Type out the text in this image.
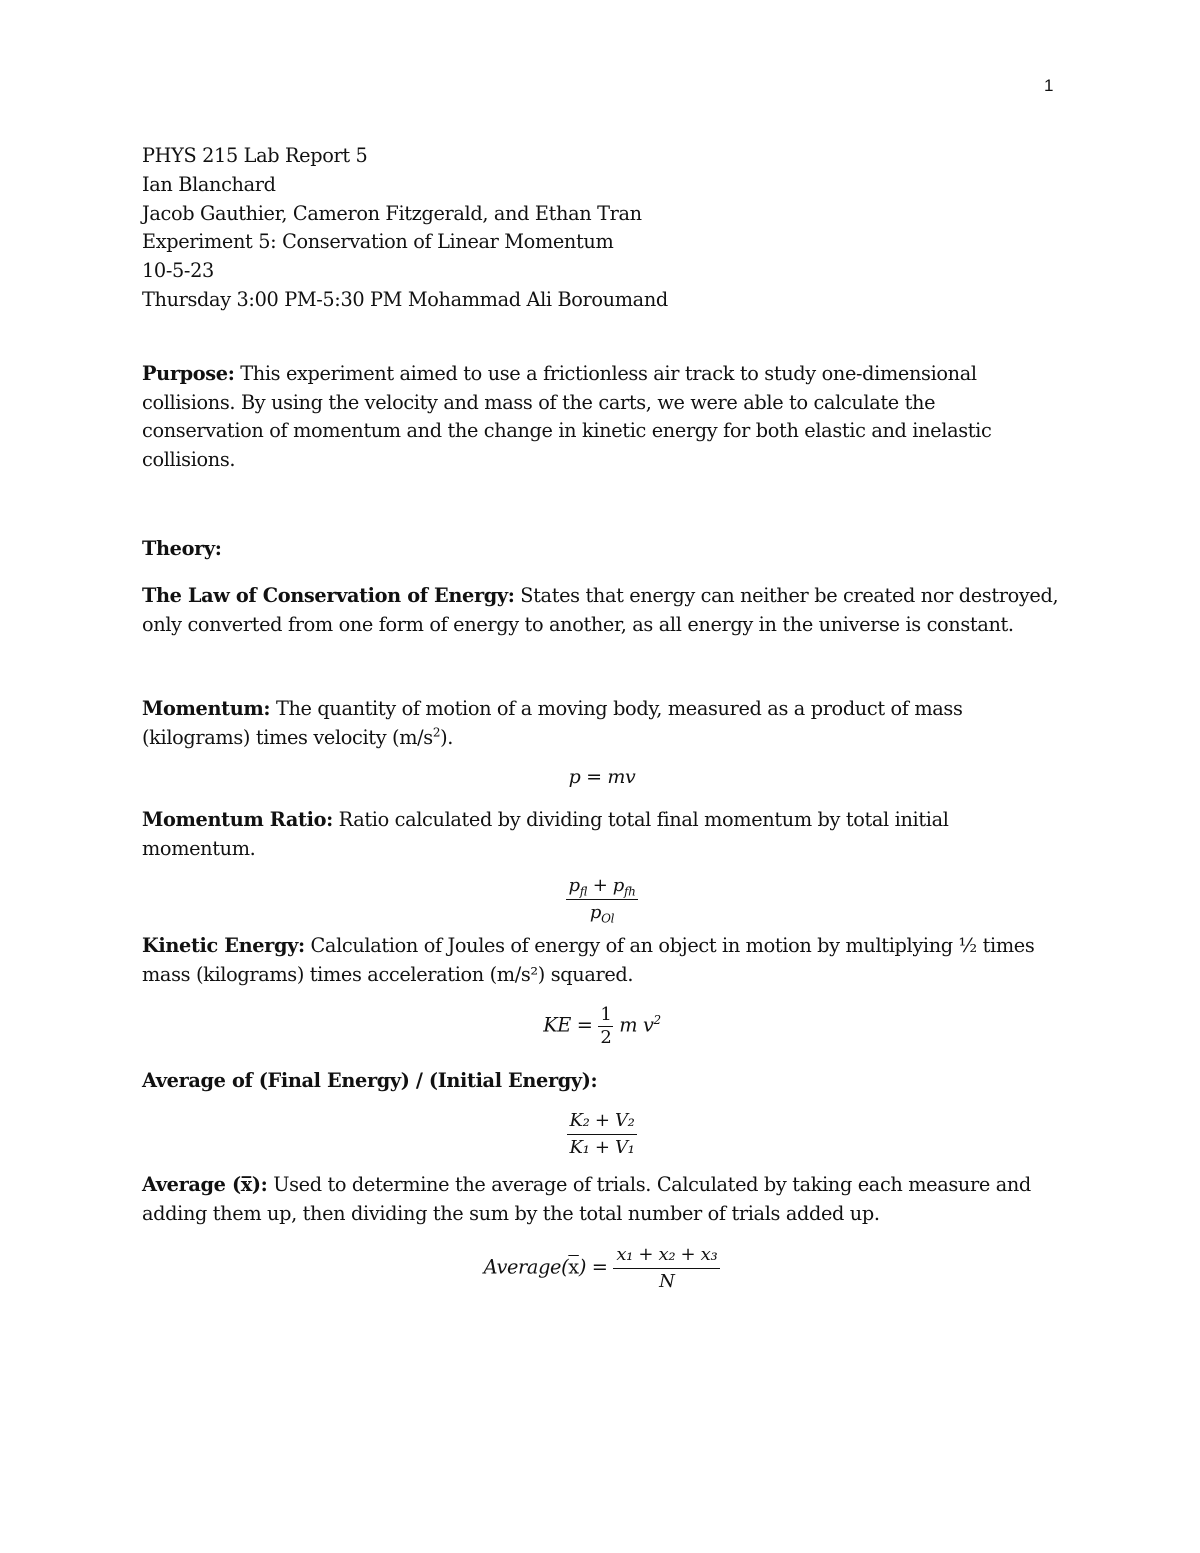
1
PHYS 215 Lab Report 5
Ian Blanchard
Jacob Gauthier, Cameron Fitzgerald, and Ethan Tran
Experiment 5: Conservation of Linear Momentum
10-5-23
Thursday 3:00 PM-5:30 PM Mohammad Ali Boroumand

Purpose: This experiment aimed to use a frictionless air track to study one-dimensional collisions. By using the velocity and mass of the carts, we were able to calculate the conservation of momentum and the change in kinetic energy for both elastic and inelastic collisions.

Theory:

The Law of Conservation of Energy: States that energy can neither be created nor destroyed, only converted from one form of energy to another, as all energy in the universe is constant.

Momentum: The quantity of motion of a moving body, measured as a product of mass (kilograms) times velocity $(m/s^2)$.

p = mv

Momentum Ratio: Ratio calculated by dividing total final momentum by total initial momentum.

$\frac{p_{fl} + p_{fh}}{p_{Ol}}$

Kinetic Energy: Calculation of Joules of energy of an object in motion by multiplying ½ times mass (kilograms) times acceleration (m/s²) squared.

KE = $\frac{1}{2}$ m $v^2$

Average of (Final Energy) / (Initial Energy):

$\frac{\text{K₂ + V₂}}{\text{K₁ + V₁}}$

Average (x̅): Used to determine the average of trials. Calculated by taking each measure and adding them up, then dividing the sum by the total number of trials added up.

$Average(\overline{x}) = \frac{\text{x₁ + x₂ + x₃}}{N}$
